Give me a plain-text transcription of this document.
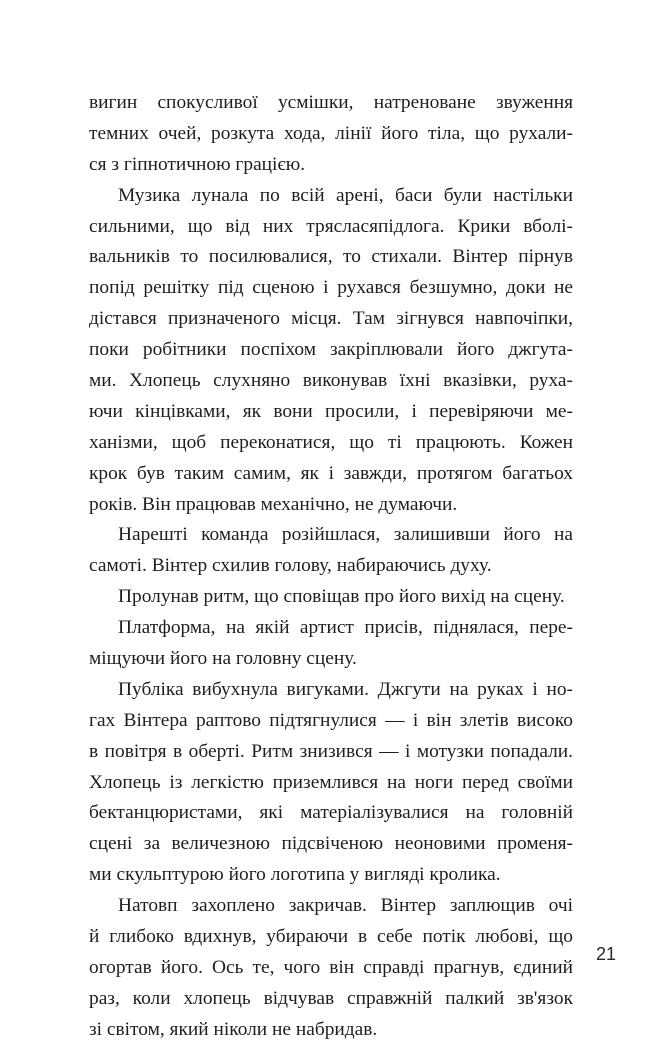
вигин спокусливої усмішки, натреноване звуження
темних очей, розкута хода, лінії його тіла, що рухали-
ся з гіпнотичною грацією.
Музика лунала по всій арені, баси були настільки
сильними, що від них трясласяпідлога. Крики вболі-
вальників то посилювалися, то стихали. Вінтер пірнув
попід решітку під сценою і рухався безшумно, доки не
дістався призначеного місця. Там зігнувся навпочіпки,
поки робітники поспіхом закріплювали його джгута-
ми. Хлопець слухняно виконував їхні вказівки, руха-
ючи кінцівками, як вони просили, і перевіряючи ме-
ханізми, щоб переконатися, що ті працюють. Кожен
крок був таким самим, як і завжди, протягом багатьох
років. Він працював механічно, не думаючи.
Нарешті команда розійшлася, залишивши його на
самоті. Вінтер схилив голову, набираючись духу.
Пролунав ритм, що сповіщав про його вихід на сцену.
Платформа, на якій артист присів, піднялася, пере-
міщуючи його на головну сцену.
Публіка вибухнула вигуками. Джгути на руках і но-
гах Вінтера раптово підтягнулися — і він злетів високо
в повітря в оберті. Ритм знизився — і мотузки попадали.
Хлопець із легкістю приземлився на ноги перед своїми
бектанцюристами, які матеріалізувалися на головній
сцені за величезною підсвіченою неоновими променя-
ми скульптурою його логотипа у вигляді кролика.
Натовп захоплено закричав. Вінтер заплющив очі
й глибоко вдихнув, убираючи в себе потік любові, що
огортав його. Ось те, чого він справді прагнув, єдиний
раз, коли хлопець відчував справжній палкий зв'язок
зі світом, який ніколи не набридав.
21
